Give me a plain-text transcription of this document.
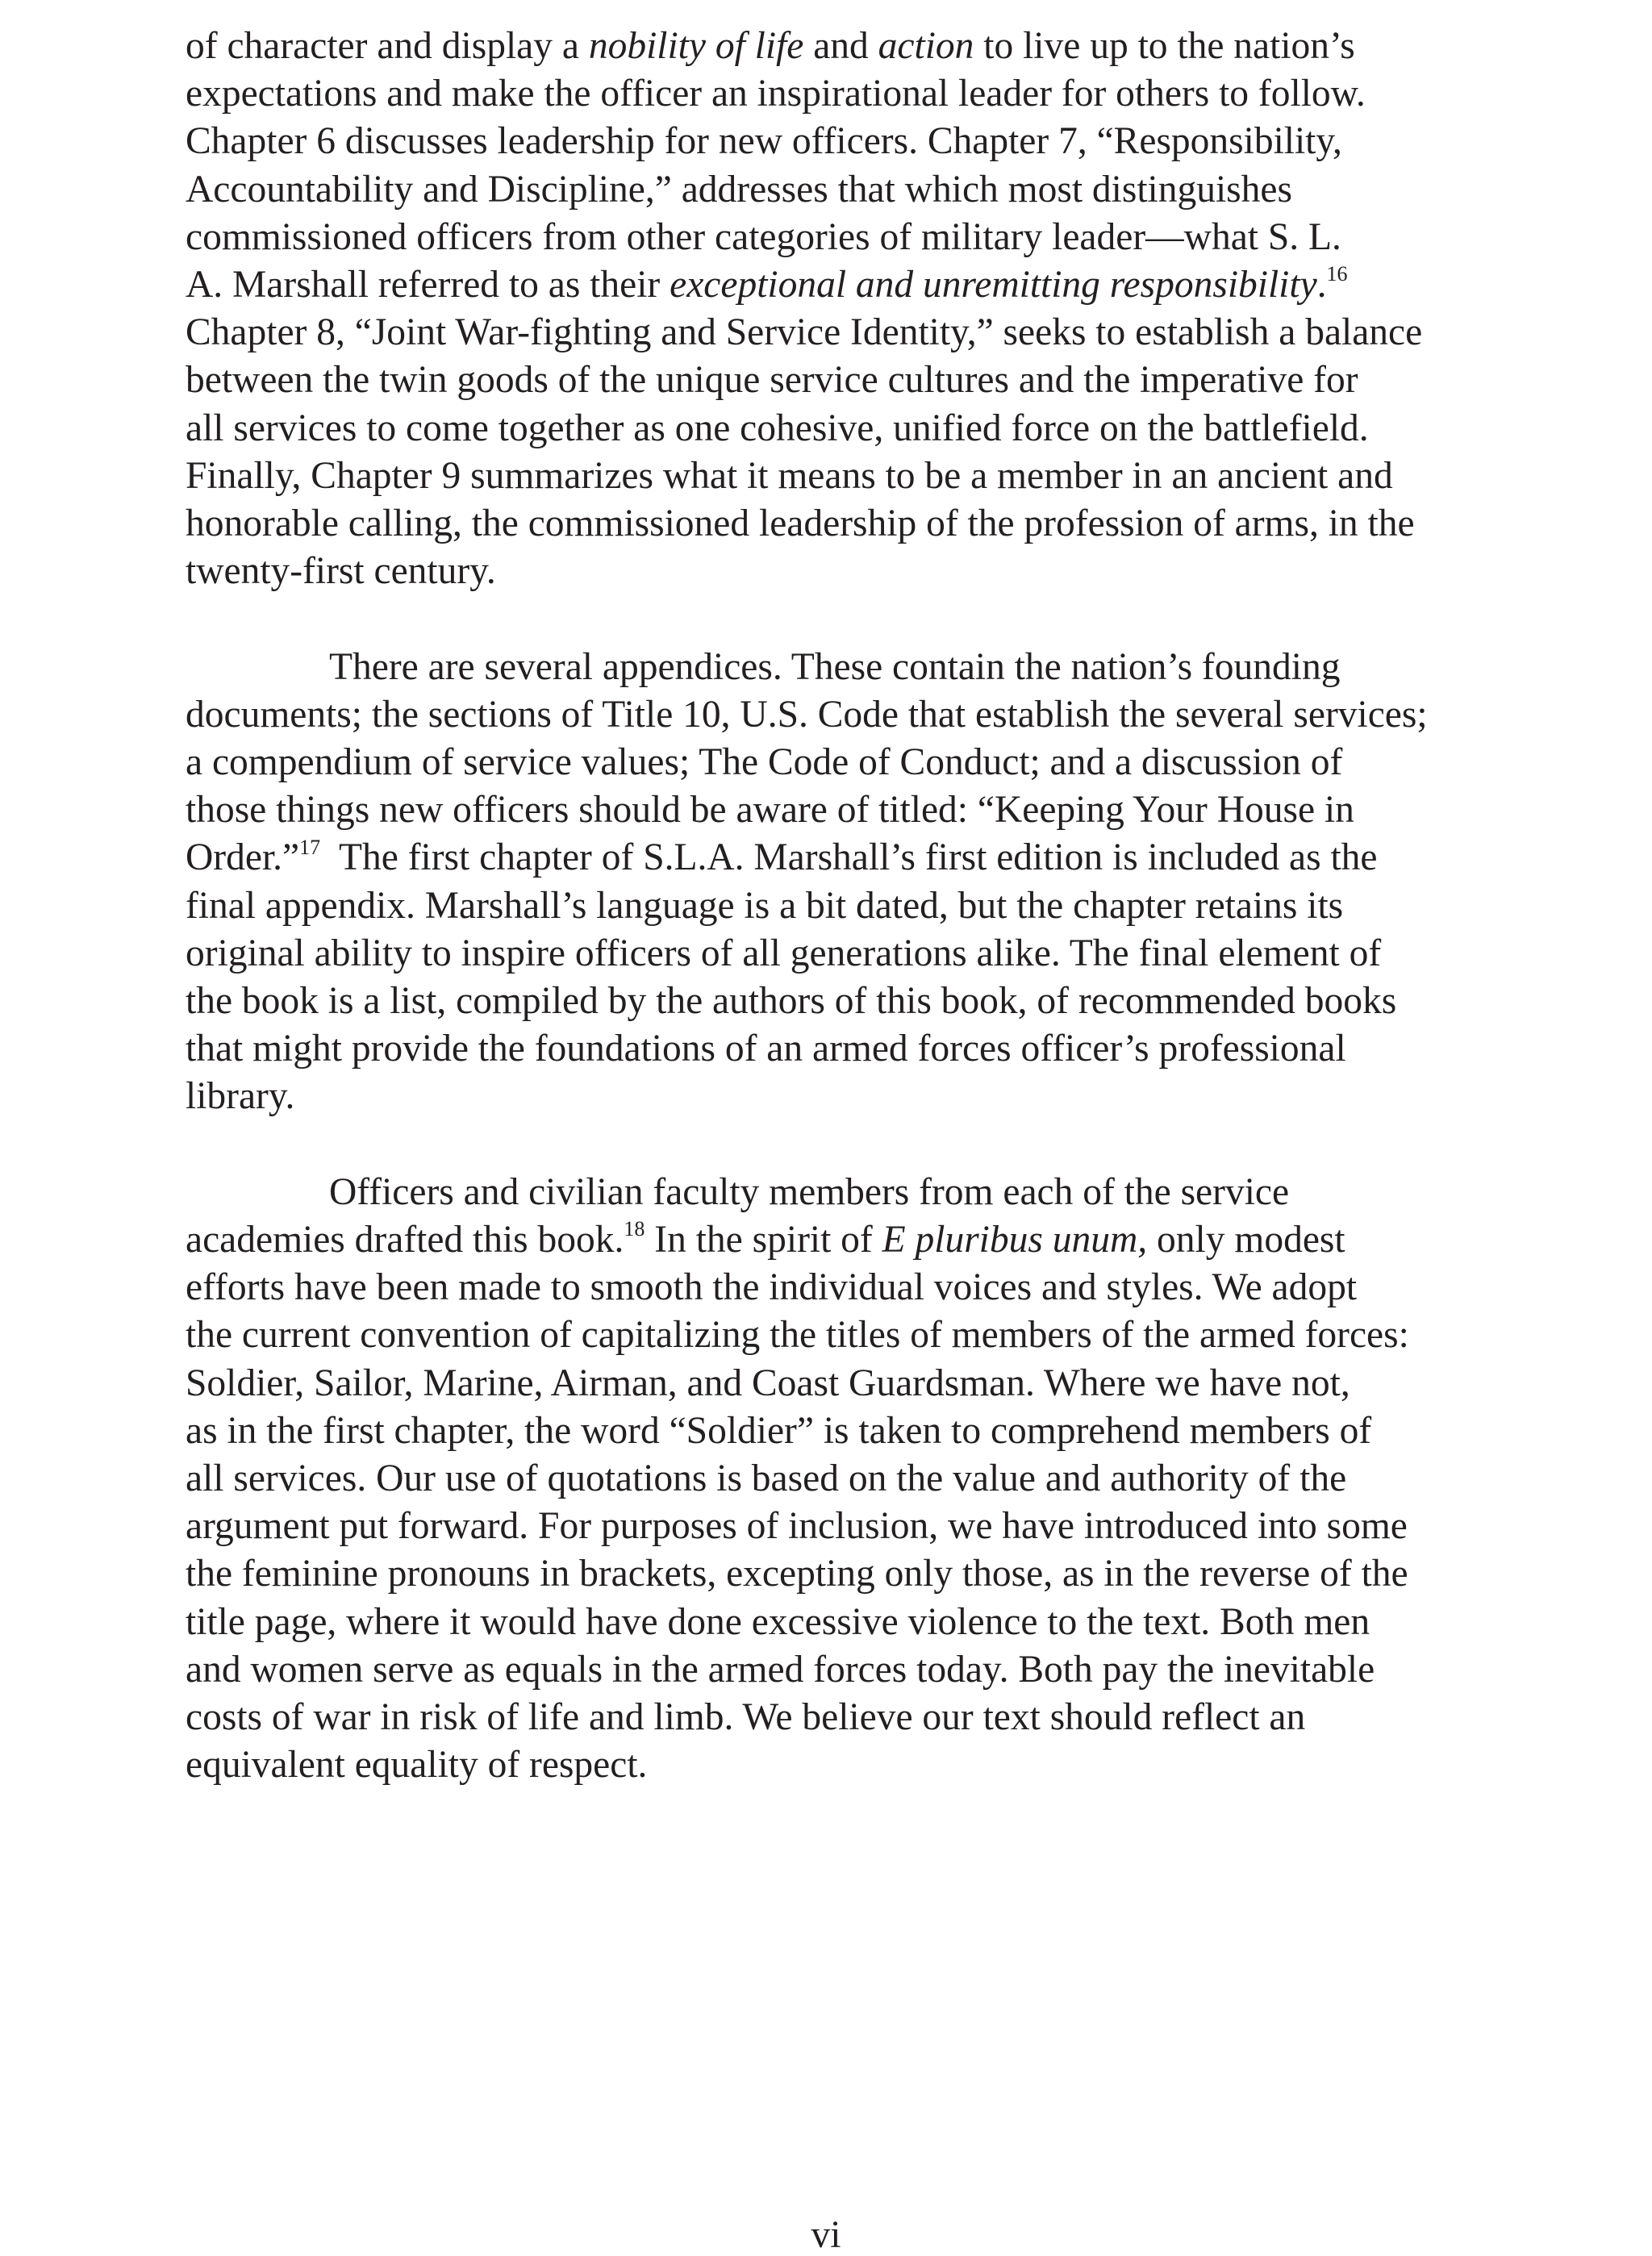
of character and display a nobility of life and action to live up to the nation’s
expectations and make the officer an inspirational leader for others to follow.
Chapter 6 discusses leadership for new officers. Chapter 7, “Responsibility,
Accountability and Discipline,” addresses that which most distinguishes
commissioned officers from other categories of military leader—what S. L.
A. Marshall referred to as their exceptional and unremitting responsibility.$^{16}$
Chapter 8, “Joint War-fighting and Service Identity,” seeks to establish a balance
between the twin goods of the unique service cultures and the imperative for
all services to come together as one cohesive, unified force on the battlefield.
Finally, Chapter 9 summarizes what it means to be a member in an ancient and
honorable calling, the commissioned leadership of the profession of arms, in the
twenty-first century.
There are several appendices. These contain the nation’s founding
documents; the sections of Title 10, U.S. Code that establish the several services;
a compendium of service values; The Code of Conduct; and a discussion of
those things new officers should be aware of titled: “Keeping Your House in
Order.”$^{17}$  The first chapter of S.L.A. Marshall’s first edition is included as the
final appendix. Marshall’s language is a bit dated, but the chapter retains its
original ability to inspire officers of all generations alike. The final element of
the book is a list, compiled by the authors of this book, of recommended books
that might provide the foundations of an armed forces officer’s professional
library.
Officers and civilian faculty members from each of the service
academies drafted this book.$^{18}$ In the spirit of E pluribus unum, only modest
efforts have been made to smooth the individual voices and styles. We adopt
the current convention of capitalizing the titles of members of the armed forces:
Soldier, Sailor, Marine, Airman, and Coast Guardsman. Where we have not,
as in the first chapter, the word “Soldier” is taken to comprehend members of
all services. Our use of quotations is based on the value and authority of the
argument put forward. For purposes of inclusion, we have introduced into some
the feminine pronouns in brackets, excepting only those, as in the reverse of the
title page, where it would have done excessive violence to the text. Both men
and women serve as equals in the armed forces today. Both pay the inevitable
costs of war in risk of life and limb. We believe our text should reflect an
equivalent equality of respect.
vi
